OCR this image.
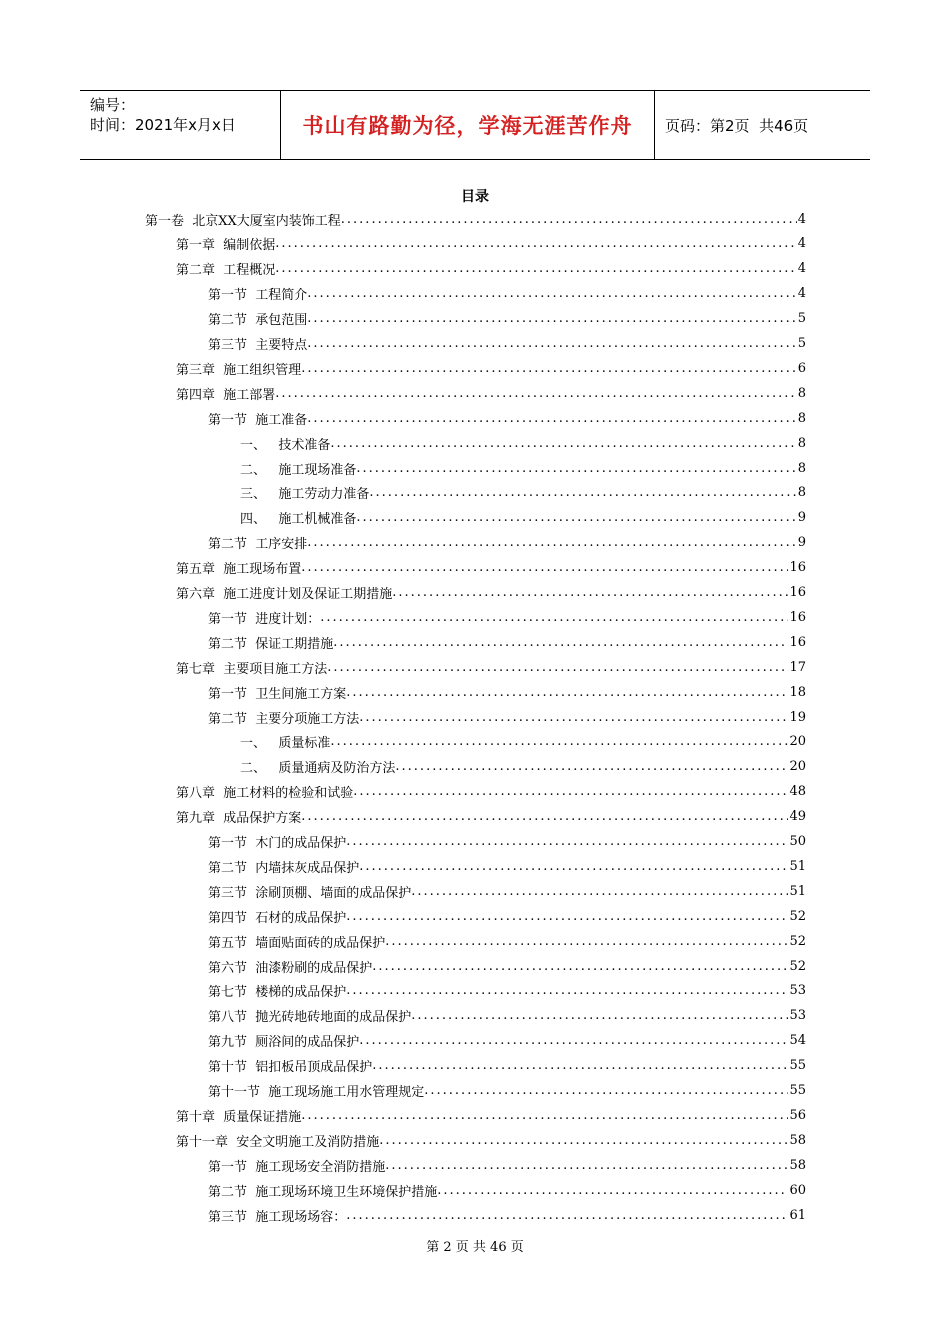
编号：
时间：2021年x月x日	书山有路勤为径，学海无涯苦作舟	页码：第2页  共46页
目录
第一卷  北京XX大厦室内装饰工程 .....	4
第一章  编制依据 .....	4
第二章  工程概况 .....	4
第一节  工程简介 .....	4
第二节  承包范围 .....	5
第三节  主要特点 .....	5
第三章  施工组织管理 .....	6
第四章  施工部署 .....	8
第一节  施工准备 .....	8
一、   技术准备 .....	8
二、   施工现场准备 .....	8
三、   施工劳动力准备 .....	8
四、   施工机械准备 .....	9
第二节  工序安排 .....	9
第五章  施工现场布置 .....	16
第六章  施工进度计划及保证工期措施 .....	16
第一节  进度计划： .....	16
第二节  保证工期措施 .....	16
第七章  主要项目施工方法 .....	17
第一节  卫生间施工方案 .....	18
第二节  主要分项施工方法 .....	19
一、   质量标准 .....	20
二、   质量通病及防治方法 .....	20
第八章  施工材料的检验和试验 .....	48
第九章  成品保护方案 .....	49
第一节  木门的成品保护 .....	50
第二节  内墙抹灰成品保护 .....	51
第三节  涂刷顶棚、墙面的成品保护 .....	51
第四节  石材的成品保护 .....	52
第五节  墙面贴面砖的成品保护 .....	52
第六节  油漆粉刷的成品保护 .....	52
第七节  楼梯的成品保护 .....	53
第八节  抛光砖地砖地面的成品保护 .....	53
第九节  厕浴间的成品保护 .....	54
第十节  铝扣板吊顶成品保护 .....	55
第十一节  施工现场施工用水管理规定 .....	55
第十章  质量保证措施 .....	56
第十一章  安全文明施工及消防措施 .....	58
第一节  施工现场安全消防措施 .....	58
第二节  施工现场环境卫生环境保护措施 .....	60
第三节  施工现场场容： .....	61
第 2 页 共 46 页
